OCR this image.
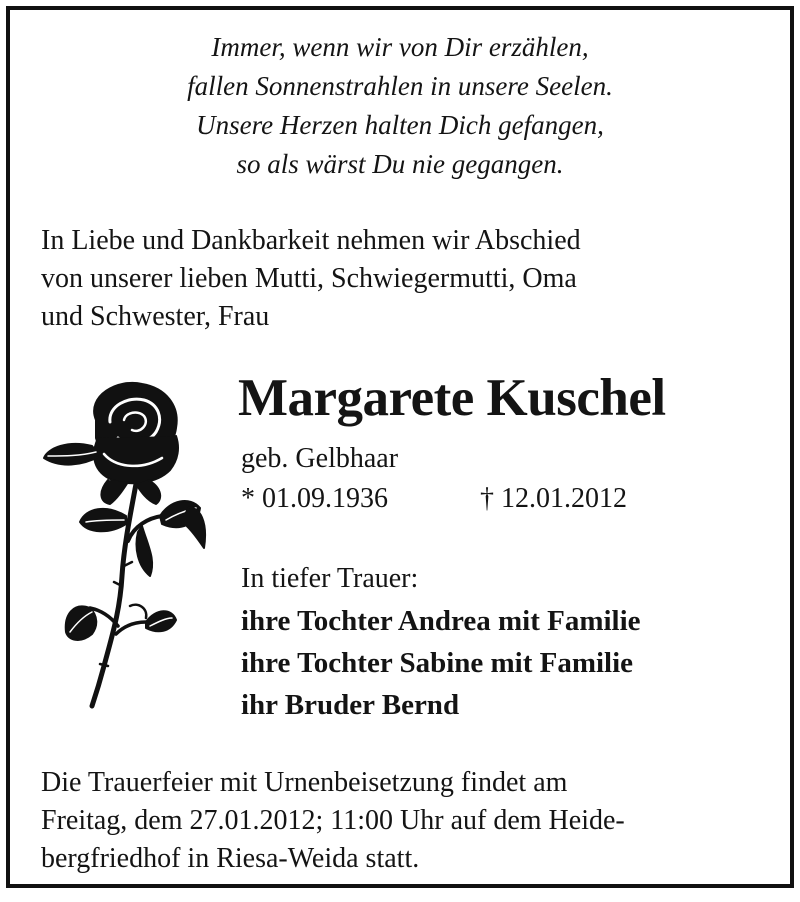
Immer, wenn wir von Dir erzählen,
fallen Sonnenstrahlen in unsere Seelen.
Unsere Herzen halten Dich gefangen,
so als wärst Du nie gegangen.
In Liebe und Dankbarkeit nehmen wir Abschied
von unserer lieben Mutti, Schwiegermutti, Oma
und Schwester, Frau
Margarete Kuschel
geb. Gelbhaar
* 01.09.1936	† 12.01.2012
In tiefer Trauer:
ihre Tochter Andrea mit Familie
ihre Tochter Sabine mit Familie
ihr Bruder Bernd
Die Trauerfeier mit Urnenbeisetzung findet am
Freitag, dem 27.01.2012; 11:00 Uhr auf dem Heide-
bergfriedhof in Riesa-Weida statt.
